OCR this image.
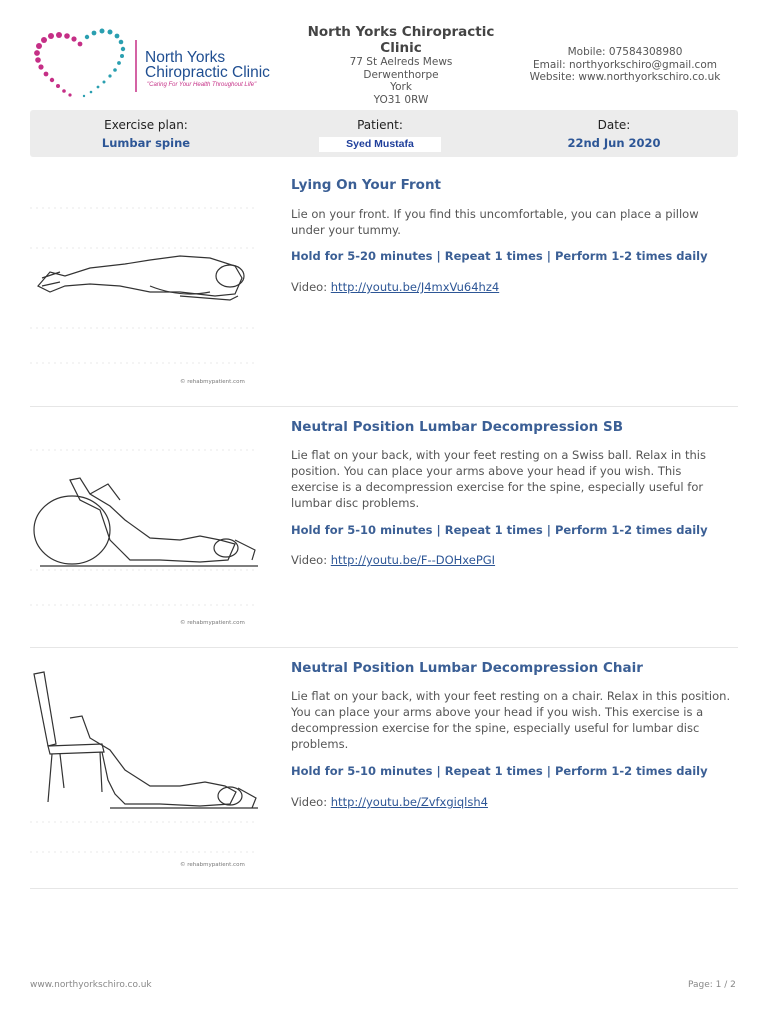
North Yorks
Chiropractic Clinic
"Caring For Your Health Throughout Life"
North Yorks Chiropractic
Clinic
77 St Aelreds Mews
Derwenthorpe
York
YO31 0RW
Mobile: 07584308980
Email: northyorkschiro@gmail.com
Website: www.northyorkschiro.co.uk
Exercise plan:
Lumbar spine
Patient:
Syed Mustafa
Date:
22nd Jun 2020
© rehabmypatient.com
Lying On Your Front
Lie on your front. If you find this uncomfortable, you can place a pillow under your tummy.
Hold for 5-20 minutes | Repeat 1 times | Perform 1-2 times daily
Video: http://youtu.be/J4mxVu64hz4
© rehabmypatient.com
Neutral Position Lumbar Decompression SB
Lie flat on your back, with your feet resting on a Swiss ball. Relax in this position. You can place your arms above your head if you wish. This exercise is a decompression exercise for the spine, especially useful for lumbar disc problems.
Hold for 5-10 minutes | Repeat 1 times | Perform 1-2 times daily
Video: http://youtu.be/F--DOHxePGI
© rehabmypatient.com
Neutral Position Lumbar Decompression Chair
Lie flat on your back, with your feet resting on a chair. Relax in this position. You can place your arms above your head if you wish. This exercise is a decompression exercise for the spine, especially useful for lumbar disc problems.
Hold for 5-10 minutes | Repeat 1 times | Perform 1-2 times daily
Video: http://youtu.be/Zvfxgiqlsh4
www.northyorkschiro.co.uk	Page: 1 / 2
